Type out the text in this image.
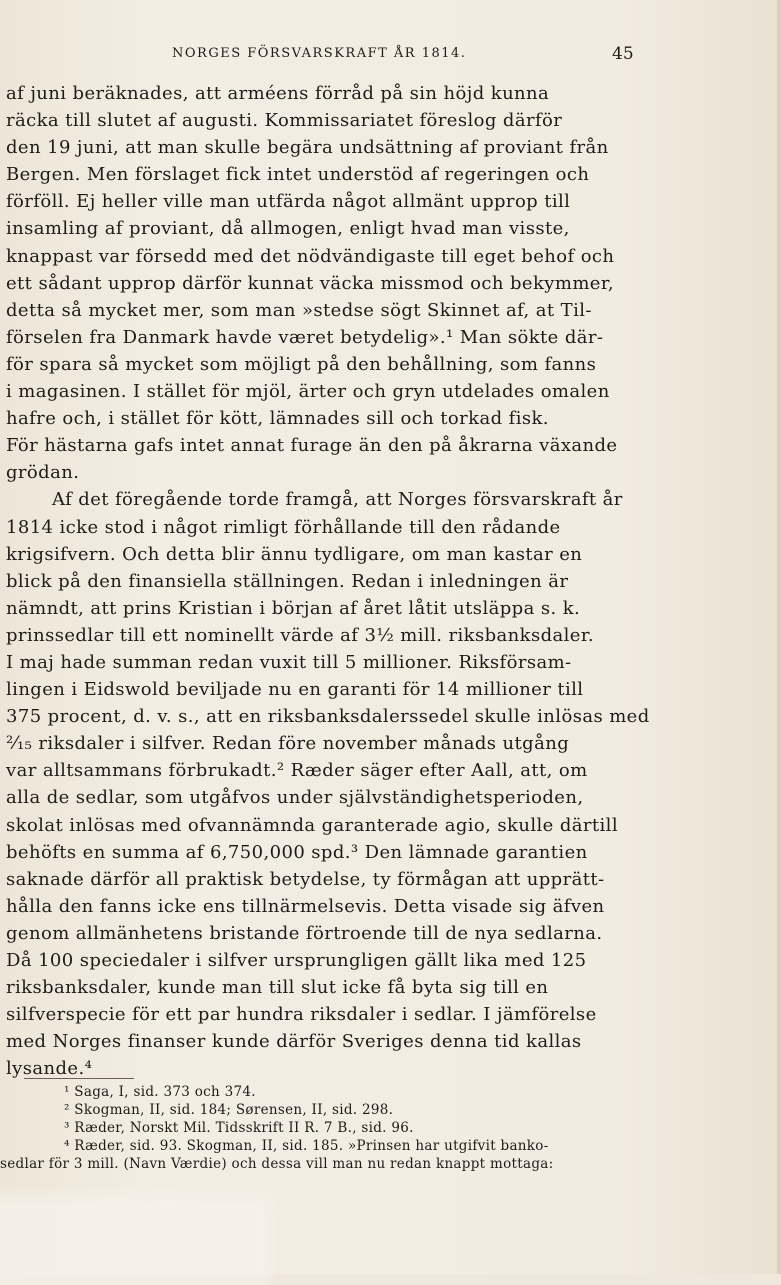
NORGES FÖRSVARSKRAFT ÅR 1814.	45
af juni beräknades, att arméens förråd på sin höjd kunna
räcka till slutet af augusti. Kommissariatet föreslog därför
den 19 juni, att man skulle begära undsättning af proviant från
Bergen. Men förslaget fick intet understöd af regeringen och
förföll. Ej heller ville man utfärda något allmänt upprop till
insamling af proviant, då allmogen, enligt hvad man visste,
knappast var försedd med det nödvändigaste till eget behof och
ett sådant upprop därför kunnat väcka missmod och bekymmer,
detta så mycket mer, som man »stedse sögt Skinnet af, at Til-
förselen fra Danmark havde været betydelig».¹ Man sökte där-
för spara så mycket som möjligt på den behållning, som fanns
i magasinen. I stället för mjöl, ärter och gryn utdelades omalen
hafre och, i stället för kött, lämnades sill och torkad fisk.
För hästarna gafs intet annat furage än den på åkrarna växande
grödan.
Af det föregående torde framgå, att Norges försvarskraft år
1814 icke stod i något rimligt förhållande till den rådande
krigsifvern. Och detta blir ännu tydligare, om man kastar en
blick på den finansiella ställningen. Redan i inledningen är
nämndt, att prins Kristian i början af året låtit utsläppa s. k.
prinssedlar till ett nominellt värde af 3½ mill. riksbanksdaler.
I maj hade summan redan vuxit till 5 millioner. Riksförsam-
lingen i Eidswold beviljade nu en garanti för 14 millioner till
375 procent, d. v. s., att en riksbanksdalerssedel skulle inlösas med
²⁄₁₅ riksdaler i silfver. Redan före november månads utgång
var alltsammans förbrukadt.² Ræder säger efter Aall, att, om
alla de sedlar, som utgåfvos under självständighetsperioden,
skolat inlösas med ofvannämnda garanterade agio, skulle därtill
behöfts en summa af 6,750,000 spd.³ Den lämnade garantien
saknade därför all praktisk betydelse, ty förmågan att upprätt-
hålla den fanns icke ens tillnärmelsevis. Detta visade sig äfven
genom allmänhetens bristande förtroende till de nya sedlarna.
Då 100 speciedaler i silfver ursprungligen gällt lika med 125
riksbanksdaler, kunde man till slut icke få byta sig till en
silfverspecie för ett par hundra riksdaler i sedlar. I jämförelse
med Norges finanser kunde därför Sveriges denna tid kallas
lysande.⁴
¹ Saga, I, sid. 373 och 374.
² Skogman, II, sid. 184; Sørensen, II, sid. 298.
³ Ræder, Norskt Mil. Tidsskrift II R. 7 B., sid. 96.
⁴ Ræder, sid. 93. Skogman, II, sid. 185. »Prinsen har utgifvit banko-
sedlar för 3 mill. (Navn Værdie) och dessa vill man nu redan knappt mottaga:
